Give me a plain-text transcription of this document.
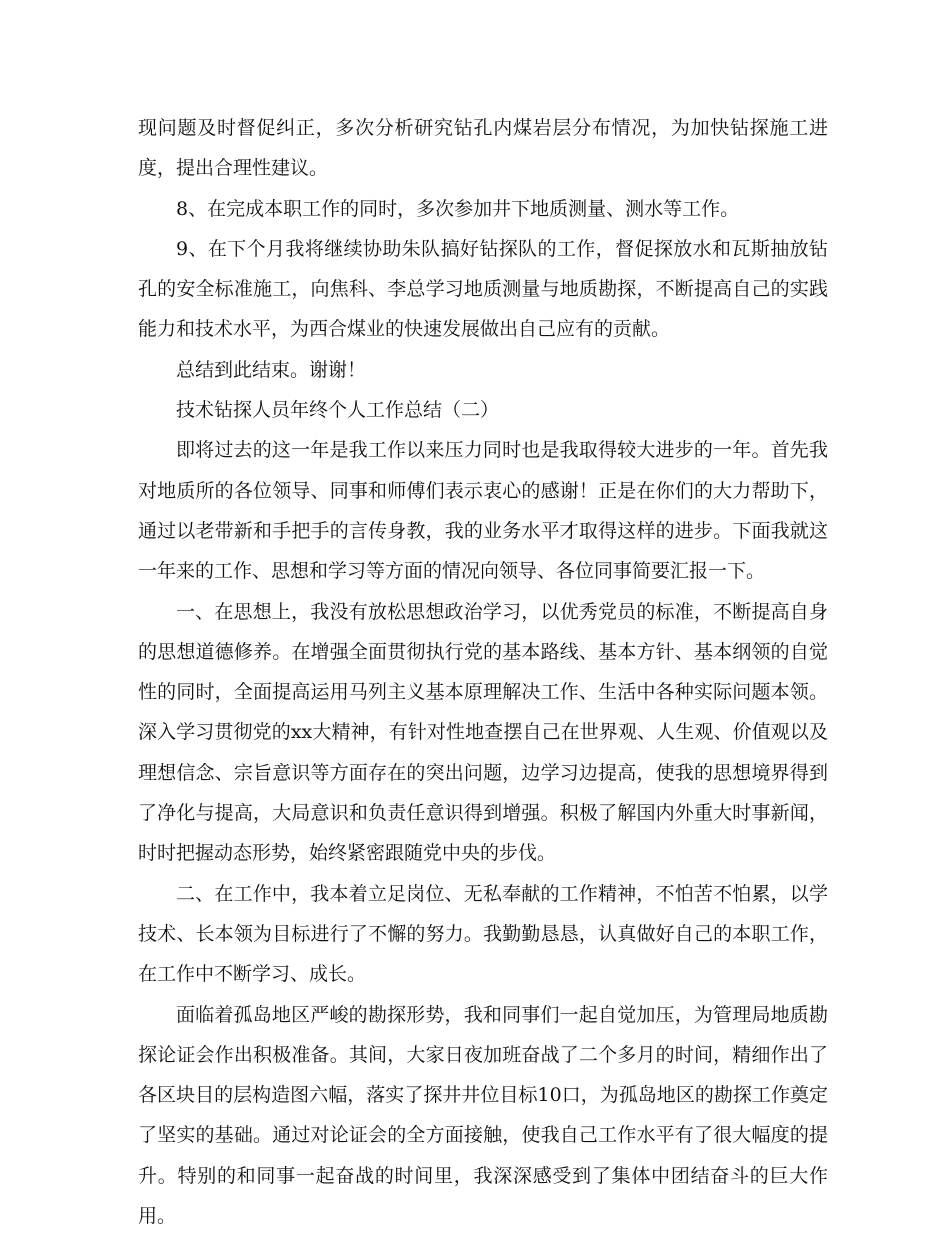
现问题及时督促纠正，多次分析研究钻孔内煤岩层分布情况，为加快钻探施工进度，提出合理性建议。

8、在完成本职工作的同时，多次参加井下地质测量、测水等工作。

9、在下个月我将继续协助朱队搞好钻探队的工作，督促探放水和瓦斯抽放钻孔的安全标准施工，向焦科、李总学习地质测量与地质勘探，不断提高自己的实践能力和技术水平，为西合煤业的快速发展做出自己应有的贡献。

总结到此结束。谢谢！

技术钻探人员年终个人工作总结（二）

即将过去的这一年是我工作以来压力同时也是我取得较大进步的一年。首先我对地质所的各位领导、同事和师傅们表示衷心的感谢！正是在你们的大力帮助下，通过以老带新和手把手的言传身教，我的业务水平才取得这样的进步。下面我就这一年来的工作、思想和学习等方面的情况向领导、各位同事简要汇报一下。

一、在思想上，我没有放松思想政治学习，以优秀党员的标准，不断提高自身的思想道德修养。在增强全面贯彻执行党的基本路线、基本方针、基本纲领的自觉性的同时，全面提高运用马列主义基本原理解决工作、生活中各种实际问题本领。深入学习贯彻党的xx大精神，有针对性地查摆自己在世界观、人生观、价值观以及理想信念、宗旨意识等方面存在的突出问题，边学习边提高，使我的思想境界得到了净化与提高，大局意识和负责任意识得到增强。积极了解国内外重大时事新闻，时时把握动态形势，始终紧密跟随党中央的步伐。

二、在工作中，我本着立足岗位、无私奉献的工作精神，不怕苦不怕累，以学技术、长本领为目标进行了不懈的努力。我勤勤恳恳，认真做好自己的本职工作，在工作中不断学习、成长。

面临着孤岛地区严峻的勘探形势，我和同事们一起自觉加压，为管理局地质勘探论证会作出积极准备。其间，大家日夜加班奋战了二个多月的时间，精细作出了各区块目的层构造图六幅，落实了探井井位目标10口，为孤岛地区的勘探工作奠定了坚实的基础。通过对论证会的全方面接触，使我自己工作水平有了很大幅度的提升。特别的和同事一起奋战的时间里，我深深感受到了集体中团结奋斗的巨大作用。
